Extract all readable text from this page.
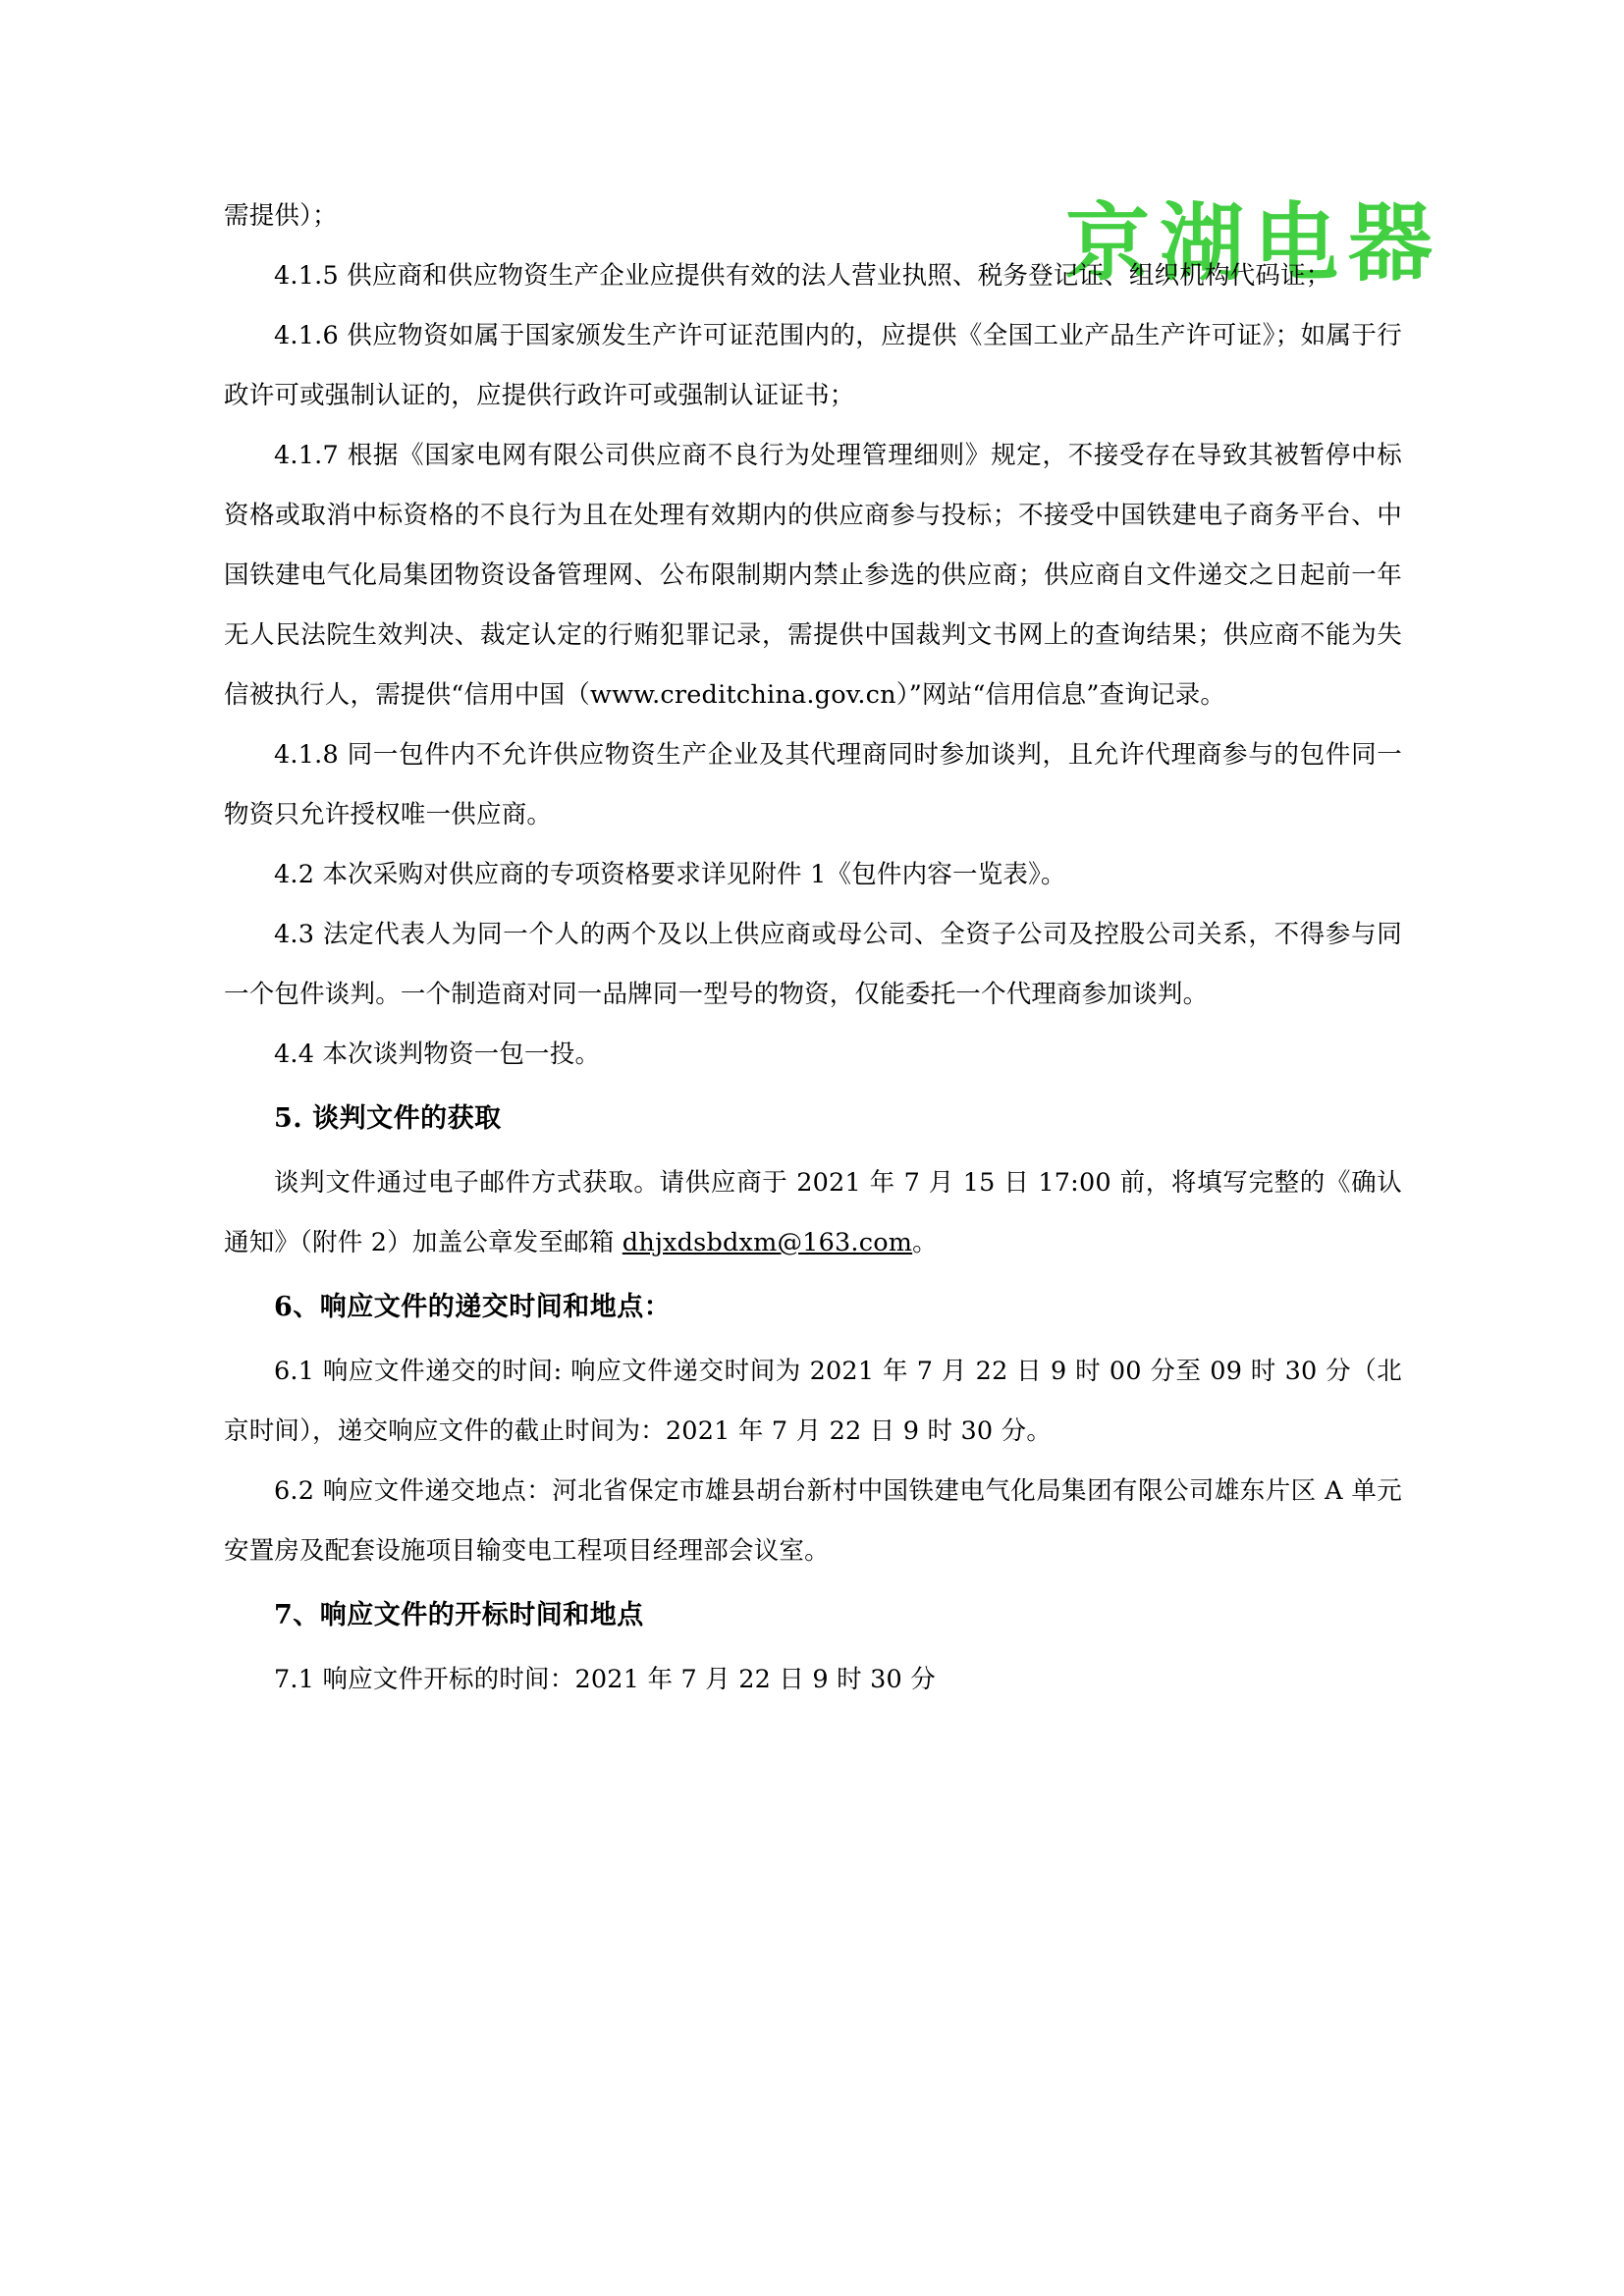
京湖电器

需提供）；

4.1.5 供应商和供应物资生产企业应提供有效的法人营业执照、税务登记证、组织机构代码证；

4.1.6 供应物资如属于国家颁发生产许可证范围内的，应提供《全国工业产品生产许可证》；如属于行政许可或强制认证的，应提供行政许可或强制认证证书；

4.1.7 根据《国家电网有限公司供应商不良行为处理管理细则》规定，不接受存在导致其被暂停中标资格或取消中标资格的不良行为且在处理有效期内的供应商参与投标；不接受中国铁建电子商务平台、中国铁建电气化局集团物资设备管理网、公布限制期内禁止参选的供应商；供应商自文件递交之日起前一年无人民法院生效判决、裁定认定的行贿犯罪记录，需提供中国裁判文书网上的查询结果；供应商不能为失信被执行人，需提供“信用中国（www.creditchina.gov.cn）”网站“信用信息”查询记录。

4.1.8 同一包件内不允许供应物资生产企业及其代理商同时参加谈判，且允许代理商参与的包件同一物资只允许授权唯一供应商。

4.2 本次采购对供应商的专项资格要求详见附件 1《包件内容一览表》。

4.3 法定代表人为同一个人的两个及以上供应商或母公司、全资子公司及控股公司关系，不得参与同一个包件谈判。一个制造商对同一品牌同一型号的物资，仅能委托一个代理商参加谈判。

4.4 本次谈判物资一包一投。

5. 谈判文件的获取

谈判文件通过电子邮件方式获取。请供应商于 2021 年 7 月 15 日 17:00 前，将填写完整的《确认通知》（附件 2）加盖公章发至邮箱 dhjxdsbdxm@163.com。

6、响应文件的递交时间和地点：

6.1 响应文件递交的时间: 响应文件递交时间为 2021 年 7 月 22 日 9 时 00 分至 09 时 30 分（北京时间），递交响应文件的截止时间为：2021 年 7 月 22 日 9 时 30 分。

6.2 响应文件递交地点：河北省保定市雄县胡台新村中国铁建电气化局集团有限公司雄东片区 A 单元安置房及配套设施项目输变电工程项目经理部会议室。

7、响应文件的开标时间和地点

7.1 响应文件开标的时间：2021 年 7 月 22 日 9 时 30 分
